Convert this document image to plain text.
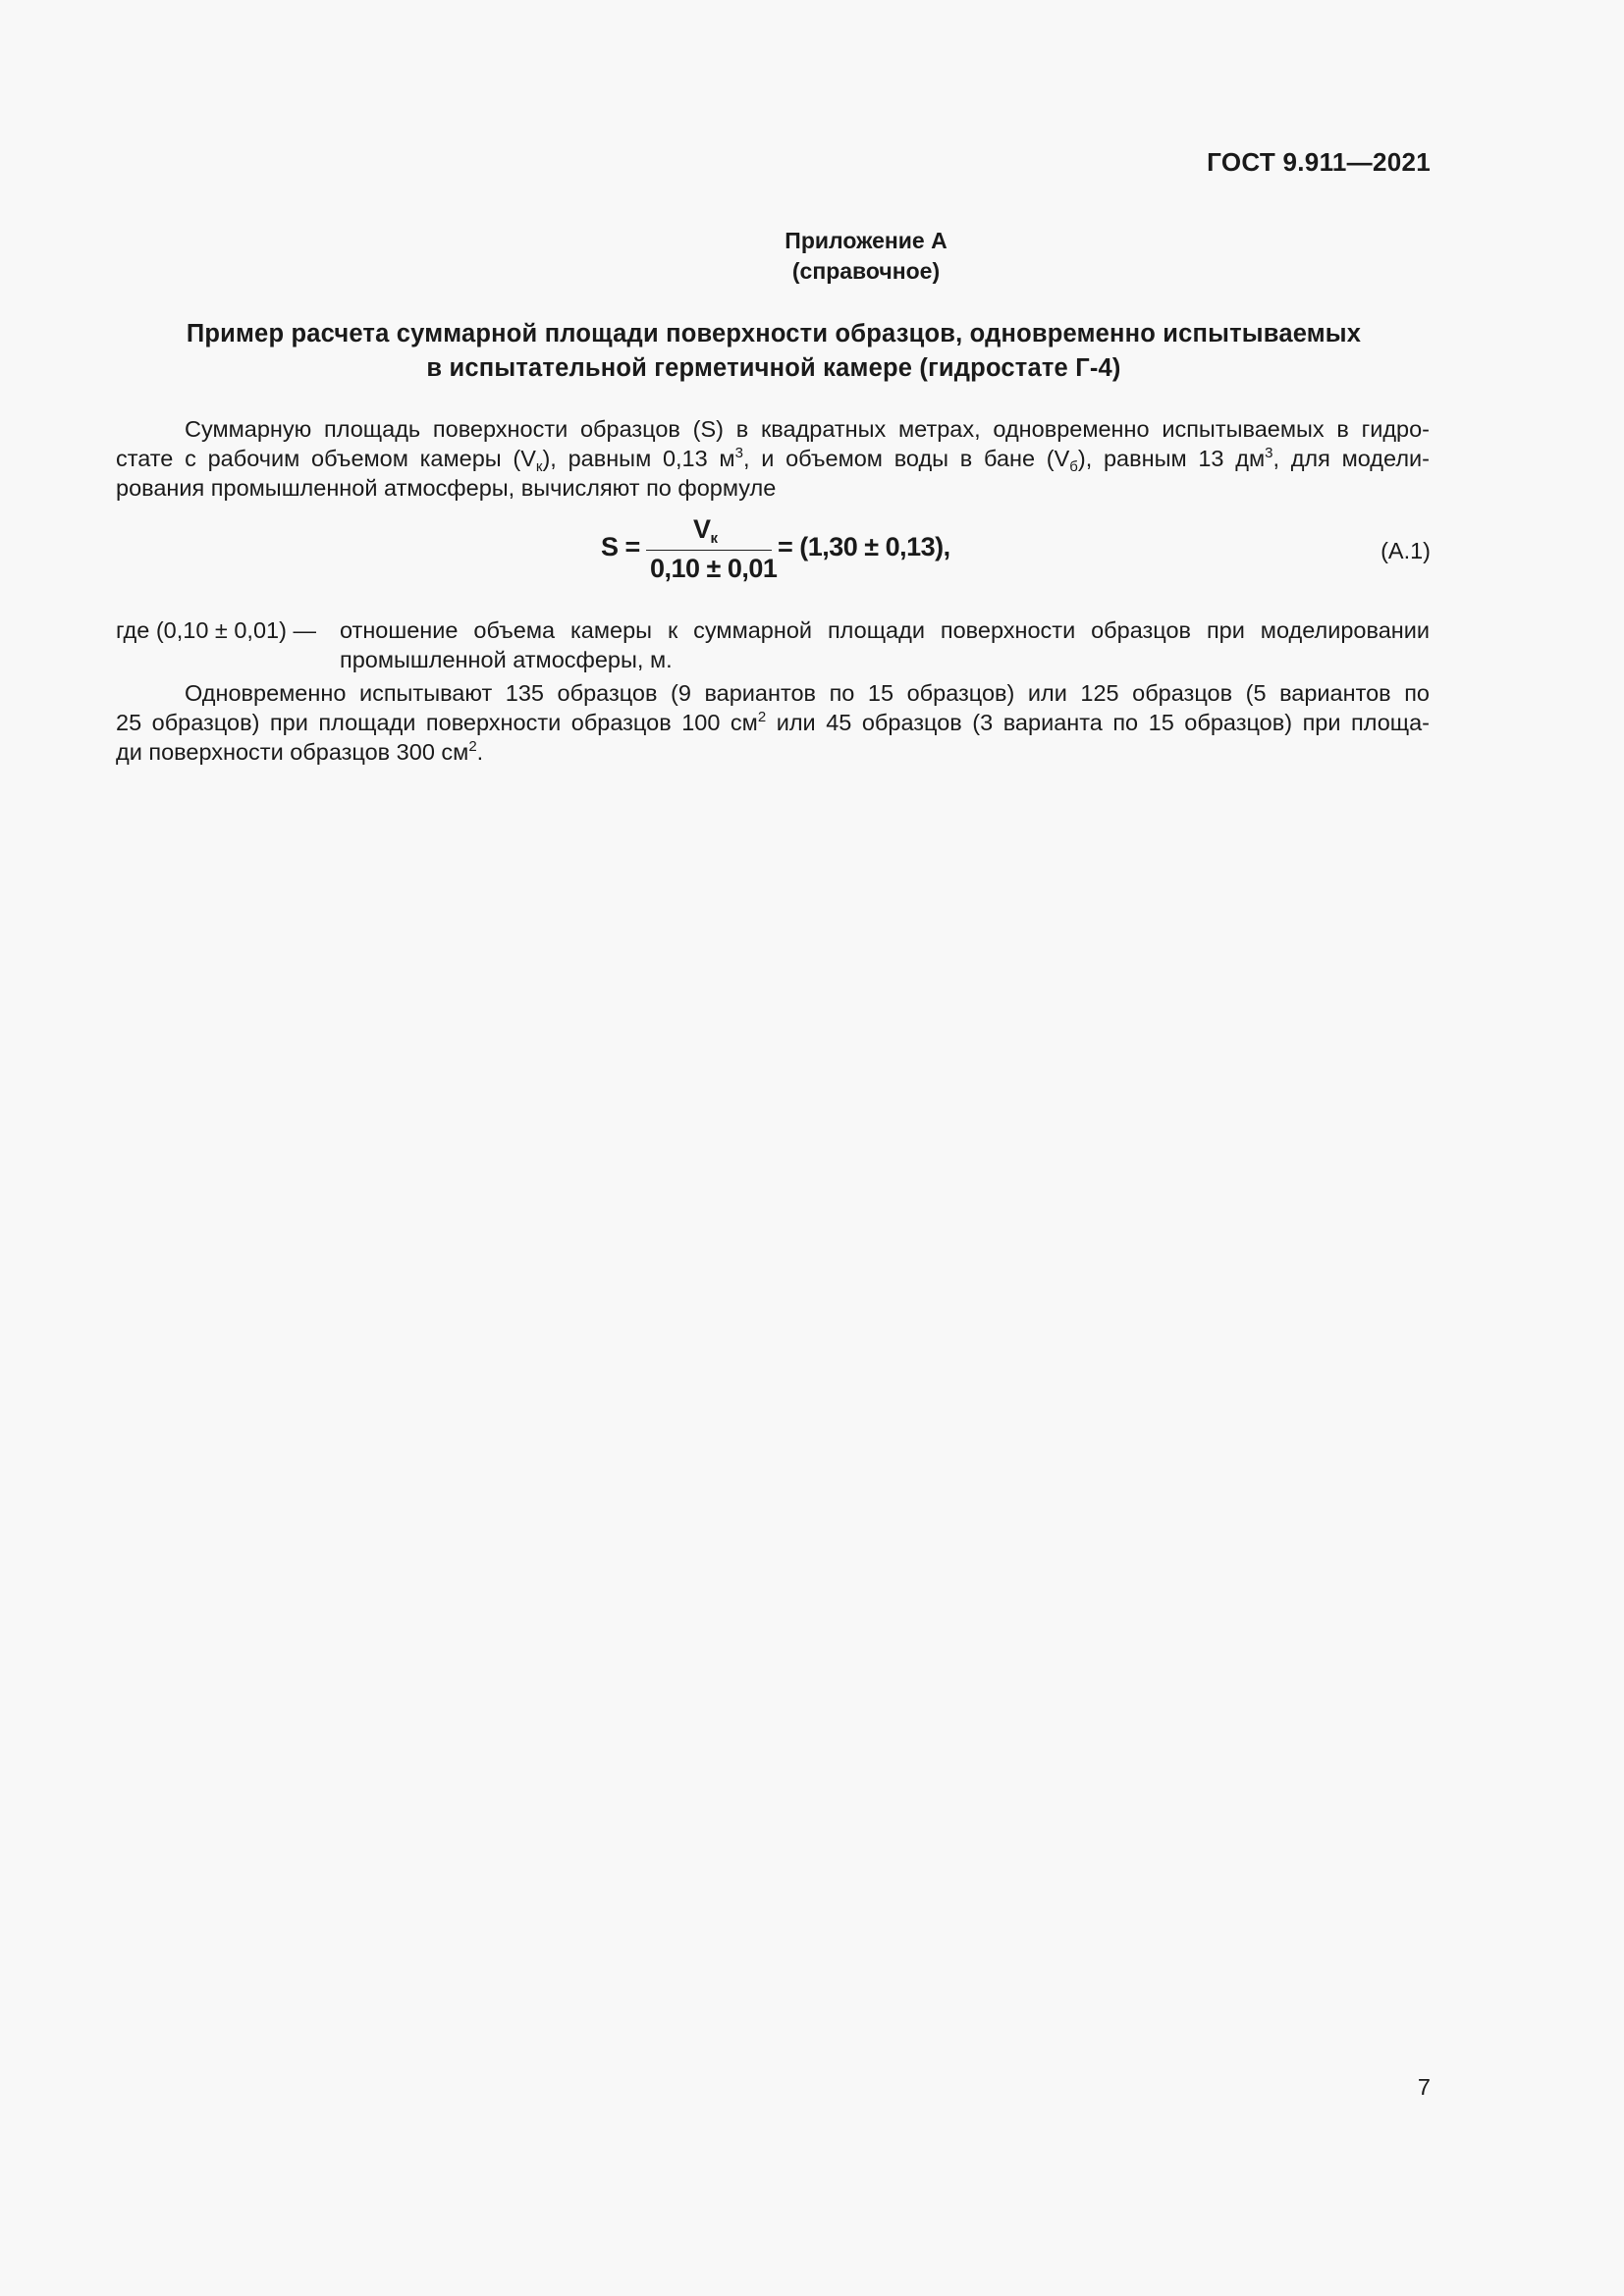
ГОСТ 9.911—2021
Приложение А
(справочное)
Пример расчета суммарной площади поверхности образцов, одновременно испытываемых
в испытательной герметичной камере (гидростате Г-4)
Суммарную площадь поверхности образцов (S) в квадратных метрах, одновременно испытываемых в гидро-
стате с рабочим объемом камеры $(V_к)$, равным 0,13 $м^3$, и объемом воды в бане $(V_б)$, равным 13 $дм^3$, для модели-
рования промышленной атмосферы, вычисляют по формуле
S =
$V_к$
0,10 ± 0,01
= (1,30 ± 0,13),	(А.1)
где (0,10 ± 0,01) — отношение объема камеры к суммарной площади поверхности образцов при моделировании
промышленной атмосферы, м.
Одновременно испытывают 135 образцов (9 вариантов по 15 образцов) или 125 образцов (5 вариантов по
25 образцов) при площади поверхности образцов 100 $см^2$ или 45 образцов (3 варианта по 15 образцов) при площа-
ди поверхности образцов 300 $см^2$.
7
